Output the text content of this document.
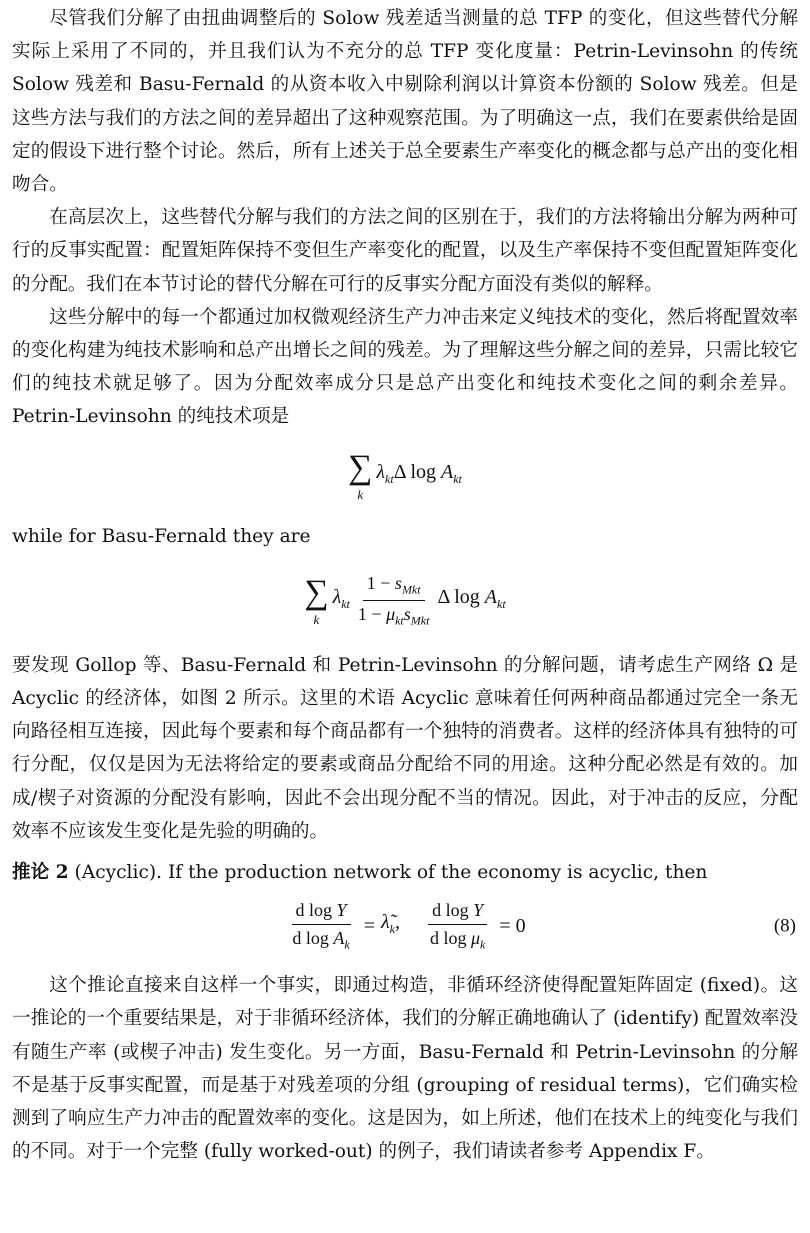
尽管我们分解了由扭曲调整后的 Solow 残差适当测量的总 TFP 的变化，但这些替代分解实际上采用了不同的，并且我们认为不充分的总 TFP 变化度量：Petrin-Levinsohn 的传统 Solow 残差和 Basu-Fernald 的从资本收入中剔除利润以计算资本份额的 Solow 残差。但是这些方法与我们的方法之间的差异超出了这种观察范围。为了明确这一点，我们在要素供给是固定的假设下进行整个讨论。然后，所有上述关于总全要素生产率变化的概念都与总产出的变化相吻合。

在高层次上，这些替代分解与我们的方法之间的区别在于，我们的方法将输出分解为两种可行的反事实配置：配置矩阵保持不变但生产率变化的配置，以及生产率保持不变但配置矩阵变化的分配。我们在本节讨论的替代分解在可行的反事实分配方面没有类似的解释。

这些分解中的每一个都通过加权微观经济生产力冲击来定义纯技术的变化，然后将配置效率的变化构建为纯技术影响和总产出增长之间的残差。为了理解这些分解之间的差异，只需比较它们的纯技术就足够了。因为分配效率成分只是总产出变化和纯技术变化之间的剩余差异。Petrin-Levinsohn 的纯技术项是

∑
k
$\lambda_{kt}\Delta$ $\log A_{kt}$

while for Basu-Fernald they are

∑
k
$\lambda_{kt} \frac{1 - s_{Mkt}}{1 - \mu_{kt}s_{Mkt}}$ Δ $\log A_{kt}$

要发现 Gollop 等、Basu-Fernald 和 Petrin-Levinsohn 的分解问题，请考虑生产网络 Ω 是 Acyclic 的经济体，如图 2 所示。这里的术语 Acyclic 意味着任何两种商品都通过完全一条无向路径相互连接，因此每个要素和每个商品都有一个独特的消费者。这样的经济体具有独特的可行分配，仅仅是因为无法将给定的要素或商品分配给不同的用途。这种分配必然是有效的。加成/楔子对资源的分配没有影响，因此不会出现分配不当的情况。因此，对于冲击的反应，分配效率不应该发生变化是先验的明确的。

推论 2 (Acyclic). If the production network of the economy is acyclic, then

$\frac{\text{d log Y}}{d \log A_k}$ = $\lambdã_k$, $\frac{\text{d log Y}}{d \log \mu_k} = 0$	(8)

这个推论直接来自这样一个事实，即通过构造，非循环经济使得配置矩阵固定 (fixed)。这一推论的一个重要结果是，对于非循环经济体，我们的分解正确地确认了 (identify) 配置效率没有随生产率 (或楔子冲击) 发生变化。另一方面，Basu-Fernald 和 Petrin-Levinsohn 的分解不是基于反事实配置，而是基于对残差项的分组 (grouping of residual terms)，它们确实检测到了响应生产力冲击的配置效率的变化。这是因为，如上所述，他们在技术上的纯变化与我们的不同。对于一个完整 (fully worked-out) 的例子，我们请读者参考 Appendix F。
